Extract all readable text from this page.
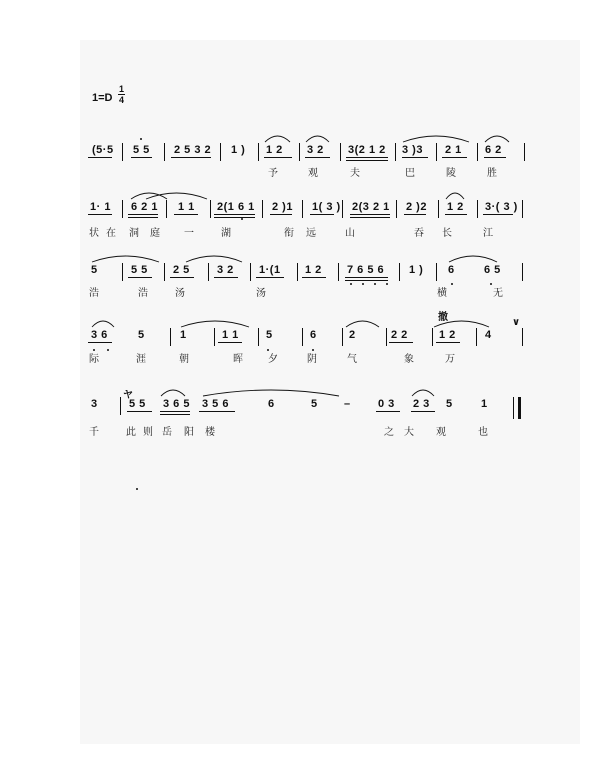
1=D
1
4
(5·5 5 5 2 5 3 2 1 ) 1 2 3 2 3(2 1 2 3 )3 2 1 6 2
予	观	夫	巴	陵	胜
1· 1 6 2 1 1 1 2(1 6 1 2 )1 1( 3 ) 2(3 2 1 2 )2 1 2 3·( 3 )
状 在 洞 庭 一	湖	衔 远	山	吞 长	江
5	5 5 2 5 3 2 1·(1 1 2 7 6 5 6 1 ) 6	6 5
浩	浩	汤	汤	横	无
3 6	5	1	1 1 5	6	2	2 2	1 2	4
际	涯	朝	晖	夕	阴	气	象	万
撤	∨
3	5 5 3 6 5 3 5 6	6	5 – 0 3 2 3 5	1
千	此 则 岳 阳 楼	之 大 观	也
ヤ
